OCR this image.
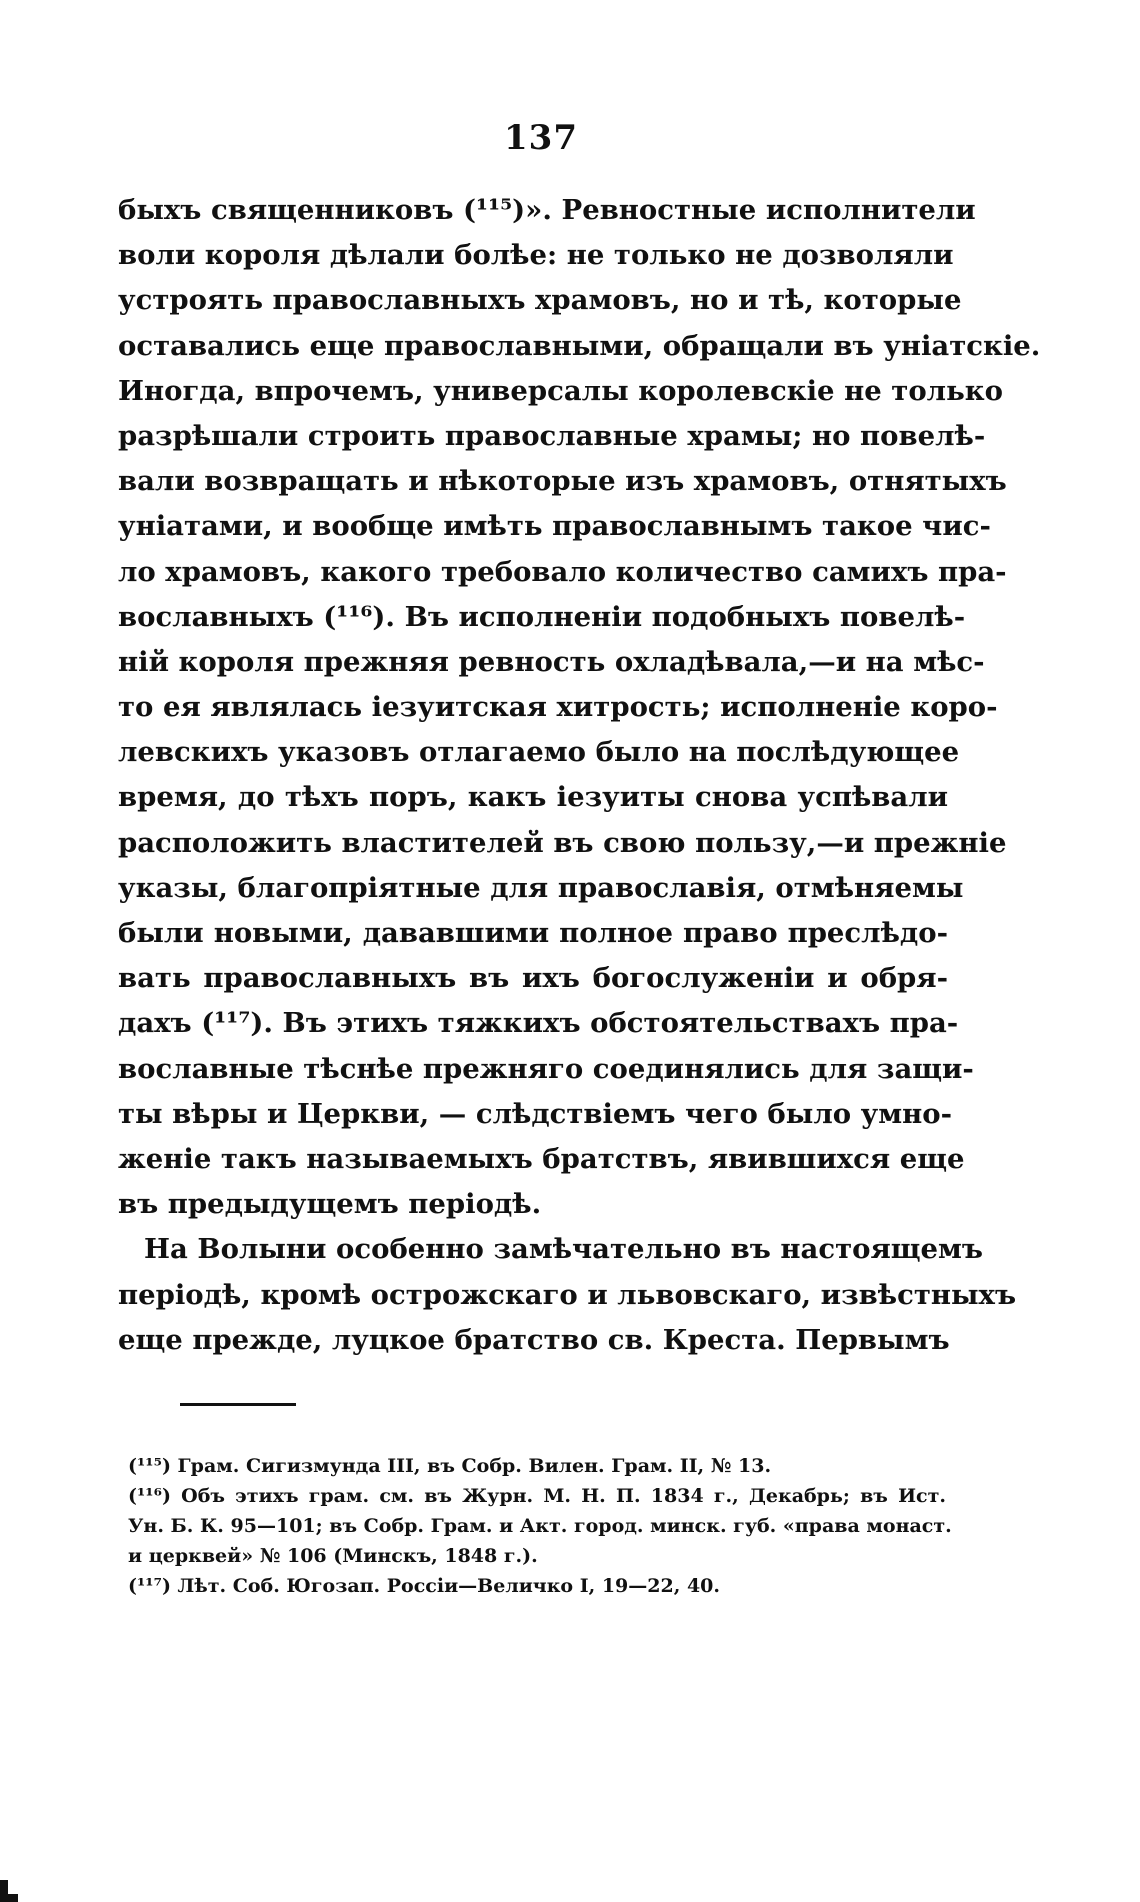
137
быхъ священниковъ (¹¹⁵)». Ревностные исполнители
воли короля дѣлали болѣе: не только не дозволяли
устроять православныхъ храмовъ, но и тѣ, которые
оставались еще православными, обращали въ уніатскіе.
Иногда, впрочемъ, универсалы королевскіе не только
разрѣшали строить православные храмы; но повелѣ-
вали возвращать и нѣкоторые изъ храмовъ, отнятыхъ
уніатами, и вообще имѣть православнымъ такое чис-
ло храмовъ, какого требовало количество самихъ пра-
вославныхъ (¹¹⁶). Въ исполненіи подобныхъ повелѣ-
ній короля прежняя ревность охладѣвала,—и на мѣс-
то ея являлась іезуитская хитрость; исполненіе коро-
левскихъ указовъ отлагаемо было на послѣдующее
время, до тѣхъ поръ, какъ іезуиты снова успѣвали
расположить властителей въ свою пользу,—и прежніе
указы, благопріятные для православія, отмѣняемы
были новыми, дававшими полное право преслѣдо-
вать православныхъ въ ихъ богослуженіи и обря-
дахъ (¹¹⁷). Въ этихъ тяжкихъ обстоятельствахъ пра-
вославные тѣснѣе прежняго соединялись для защи-
ты вѣры и Церкви, — слѣдствіемъ чего было умно-
женіе такъ называемыхъ братствъ, явившихся еще
въ предыдущемъ періодѣ.
На Волыни особенно замѣчательно въ настоящемъ
періодѣ, кромѣ острожскаго и львовскаго, извѣстныхъ
еще прежде, луцкое братство св. Креста. Первымъ
(¹¹⁵) Грам. Сигизмунда III, въ Собр. Вилен. Грам. II, № 13.
(¹¹⁶) Объ этихъ грам. см. въ Журн. М. Н. П. 1834 г., Декабрь; въ Ист.
Ун. Б. К. 95—101; въ Собр. Грам. и Акт. город. минск. губ. «права монаст.
и церквей» № 106 (Минскъ, 1848 г.).
(¹¹⁷) Лѣт. Соб. Югозап. Россіи—Величко I, 19—22, 40.
